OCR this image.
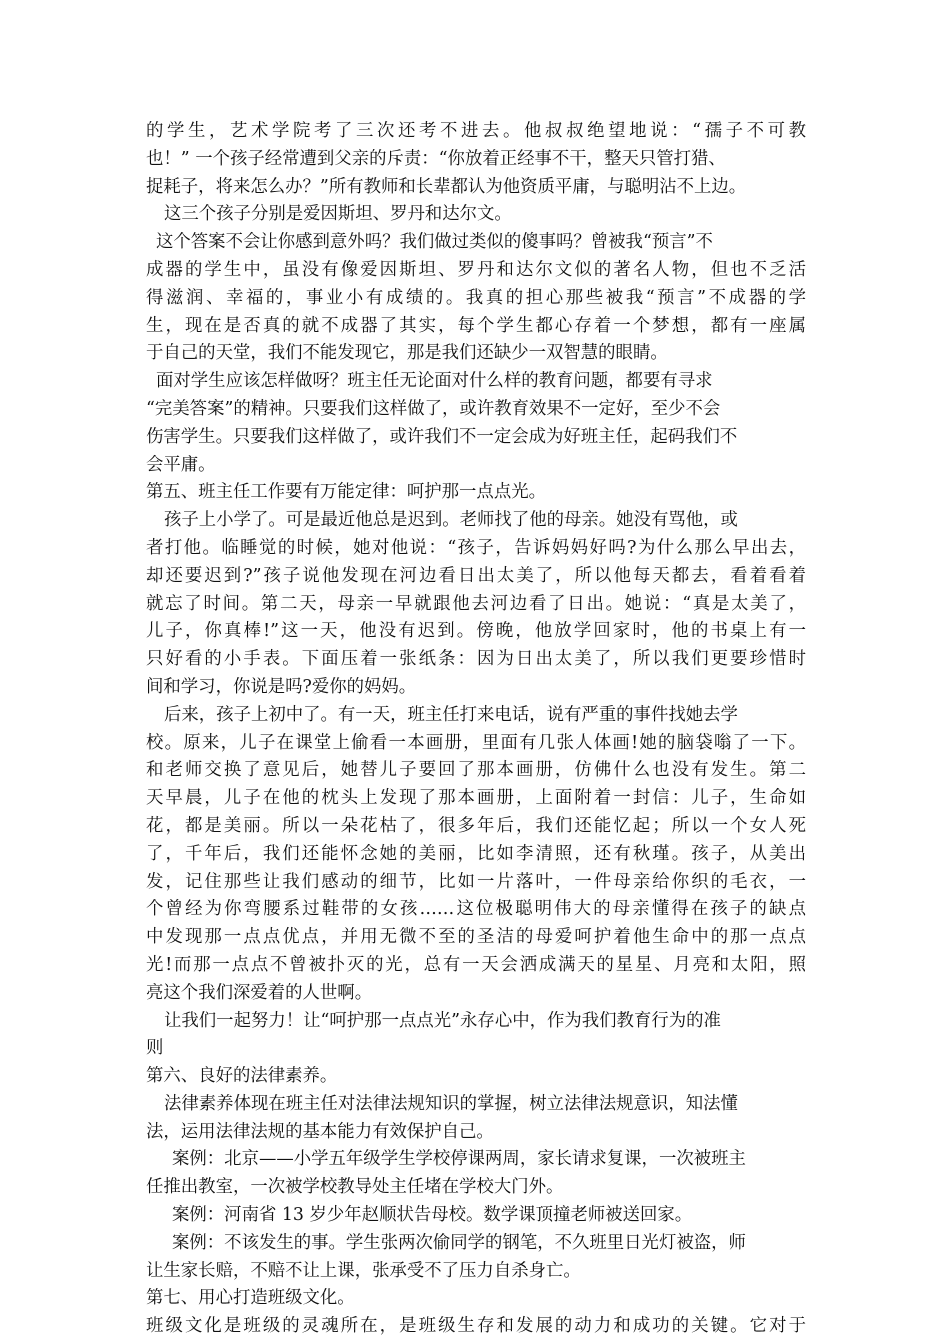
的学生，艺术学院考了三次还考不进去。他叔叔绝望地说：“孺子不可教
也！” 一个孩子经常遭到父亲的斥责：“你放着正经事不干，整天只管打猎、
捉耗子，将来怎么办？”所有教师和长辈都认为他资质平庸，与聪明沾不上边。
这三个孩子分别是爱因斯坦、罗丹和达尔文。
这个答案不会让你感到意外吗？我们做过类似的傻事吗？曾被我“预言”不
成器的学生中，虽没有像爱因斯坦、罗丹和达尔文似的著名人物，但也不乏活
得滋润、幸福的，事业小有成绩的。我真的担心那些被我“预言”不成器的学
生，现在是否真的就不成器了其实，每个学生都心存着一个梦想，都有一座属
于自己的天堂，我们不能发现它，那是我们还缺少一双智慧的眼睛。
面对学生应该怎样做呀？班主任无论面对什么样的教育问题，都要有寻求
“完美答案”的精神。只要我们这样做了，或许教育效果不一定好，至少不会
伤害学生。只要我们这样做了，或许我们不一定会成为好班主任，起码我们不
会平庸。
第五、班主任工作要有万能定律：呵护那一点点光。
孩子上小学了。可是最近他总是迟到。老师找了他的母亲。她没有骂他，或
者打他。临睡觉的时候，她对他说：“孩子，告诉妈妈好吗?为什么那么早出去，
却还要迟到?”孩子说他发现在河边看日出太美了，所以他每天都去，看着看着
就忘了时间。第二天，母亲一早就跟他去河边看了日出。她说：“真是太美了，
儿子，你真棒!”这一天，他没有迟到。傍晚，他放学回家时，他的书桌上有一
只好看的小手表。下面压着一张纸条：因为日出太美了，所以我们更要珍惜时
间和学习，你说是吗?爱你的妈妈。
后来，孩子上初中了。有一天，班主任打来电话，说有严重的事件找她去学
校。原来，儿子在课堂上偷看一本画册，里面有几张人体画!她的脑袋嗡了一下。
和老师交换了意见后，她替儿子要回了那本画册，仿佛什么也没有发生。第二
天早晨，儿子在他的枕头上发现了那本画册，上面附着一封信：儿子，生命如
花，都是美丽。所以一朵花枯了，很多年后，我们还能忆起；所以一个女人死
了，千年后，我们还能怀念她的美丽，比如李清照，还有秋瑾。孩子，从美出
发，记住那些让我们感动的细节，比如一片落叶，一件母亲给你织的毛衣，一
个曾经为你弯腰系过鞋带的女孩……这位极聪明伟大的母亲懂得在孩子的缺点
中发现那一点点优点，并用无微不至的圣洁的母爱呵护着他生命中的那一点点
光!而那一点点不曾被扑灭的光，总有一天会洒成满天的星星、月亮和太阳，照
亮这个我们深爱着的人世啊。
让我们一起努力！让“呵护那一点点光”永存心中，作为我们教育行为的准
则
第六、良好的法律素养。
法律素养体现在班主任对法律法规知识的掌握，树立法律法规意识，知法懂
法，运用法律法规的基本能力有效保护自己。
案例：北京——小学五年级学生学校停课两周，家长请求复课，一次被班主
任推出教室，一次被学校教导处主任堵在学校大门外。
案例：河南省 13 岁少年赵顺状告母校。数学课顶撞老师被送回家。
案例：不该发生的事。学生张两次偷同学的钢笔，不久班里日光灯被盗，师
让生家长赔，不赔不让上课，张承受不了压力自杀身亡。
第七、用心打造班级文化。
班级文化是班级的灵魂所在，是班级生存和发展的动力和成功的关键。它对于
